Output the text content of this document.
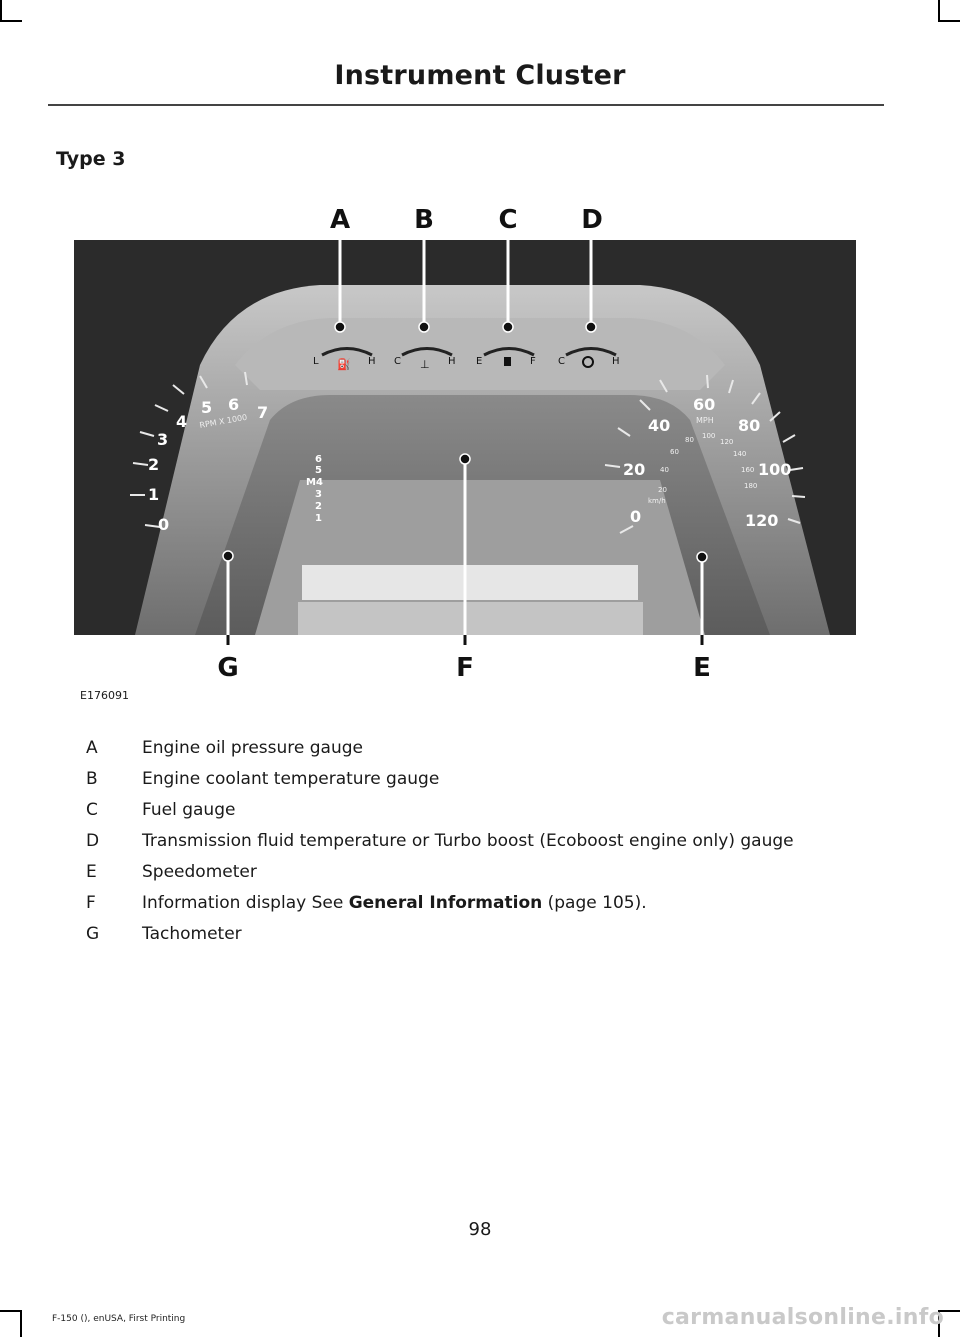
Instrument Cluster
Type 3
L	H
⛽	C	H
⊥	E	F C	H
0
1
2
3
4
5 6 7
RPM X 1000
6
5
M4
3
2
1	0
20
40
60
80
100
120
MPH
20
40
60
80 100
120
140
160
180
km/h
A B C D
E
F
G
E176091
A	Engine oil pressure gauge
B	Engine coolant temperature gauge
C	Fuel gauge
D	Transmission fluid temperature or Turbo boost (Ecoboost engine only) gauge
E	Speedometer
F	Information display See General Information (page 105).
G	Tachometer
98
F-150 (), enUSA, First Printing	carmanualsonline.info
